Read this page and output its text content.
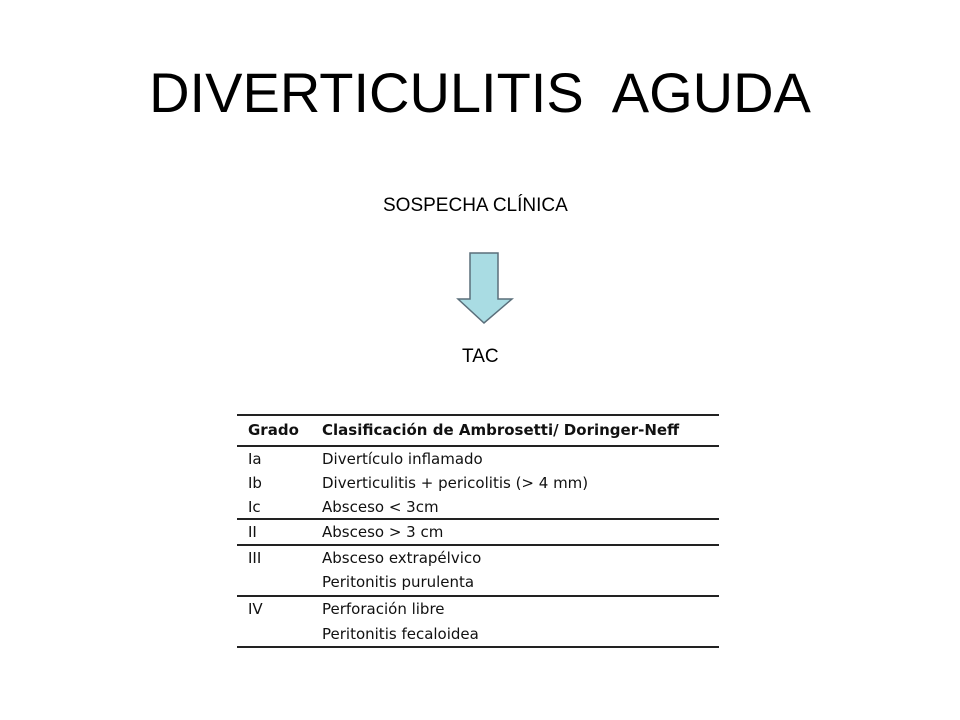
DIVERTICULITIS  AGUDA
SOSPECHA CLÍNICA
TAC
Grado Clasificación de Ambrosetti/ Doringer-Neff
Ia	Divertículo inflamado
Ib	Diverticulitis + pericolitis (> 4 mm)
Ic	Absceso < 3cm
II	Absceso > 3 cm
III	Absceso extrapélvico
Peritonitis purulenta
IV	Perforación libre
Peritonitis fecaloidea
